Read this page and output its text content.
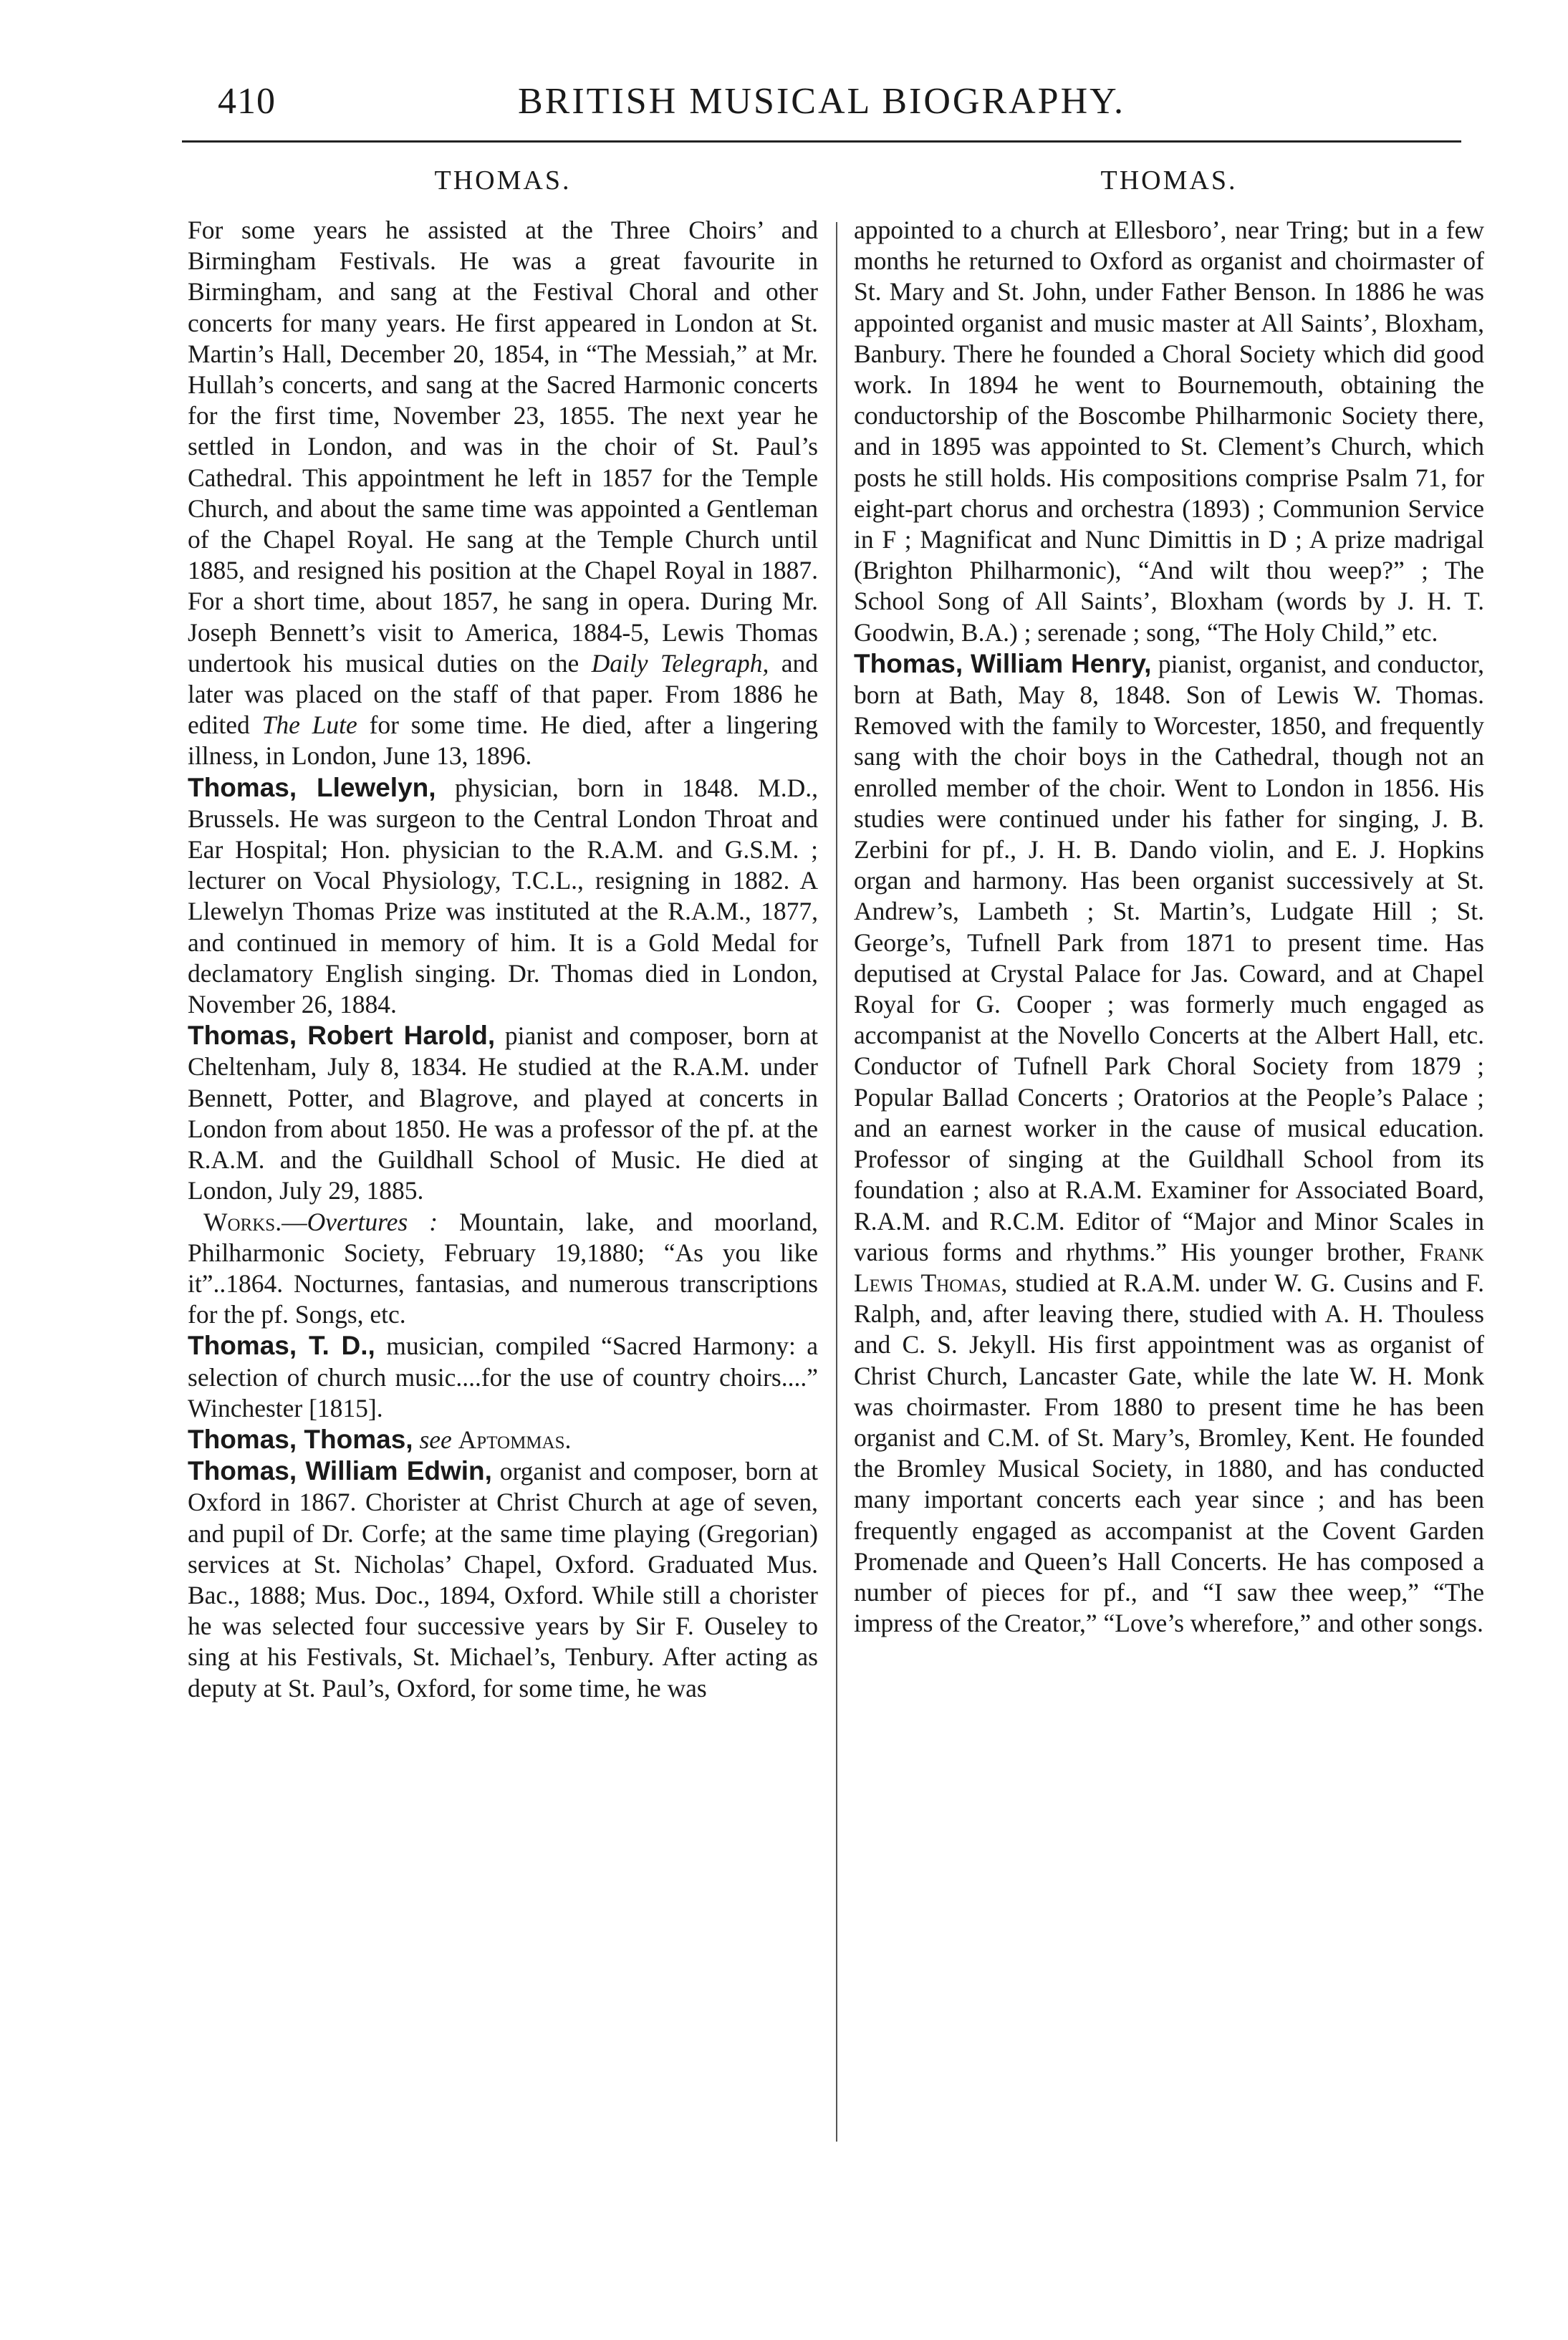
410	BRITISH MUSICAL BIOGRAPHY.
THOMAS.

For some years he assisted at the Three Choirs’ and Birmingham Festivals. He was a great favourite in Birmingham, and sang at the Festival Choral and other concerts for many years. He first appeared in London at St. Martin’s Hall, December 20, 1854, in “The Messiah,” at Mr. Hullah’s concerts, and sang at the Sacred Harmonic concerts for the first time, November 23, 1855. The next year he settled in London, and was in the choir of St. Paul’s Cathedral. This appointment he left in 1857 for the Temple Church, and about the same time was appointed a Gentleman of the Chapel Royal. He sang at the Temple Church until 1885, and resigned his position at the Chapel Royal in 1887. For a short time, about 1857, he sang in opera. During Mr. Joseph Bennett’s visit to America, 1884-5, Lewis Thomas undertook his musical duties on the Daily Telegraph, and later was placed on the staff of that paper. From 1886 he edited The Lute for some time. He died, after a lingering illness, in London, June 13, 1896.

Thomas, Llewelyn, physician, born in 1848. M.D., Brussels. He was surgeon to the Central London Throat and Ear Hospital; Hon. physician to the R.A.M. and G.S.M. ; lecturer on Vocal Physiology, T.C.L., resigning in 1882. A Llewelyn Thomas Prize was instituted at the R.A.M., 1877, and continued in memory of him. It is a Gold Medal for declamatory English singing. Dr. Thomas died in London, November 26, 1884.

Thomas, Robert Harold, pianist and composer, born at Cheltenham, July 8, 1834. He studied at the R.A.M. under Bennett, Potter, and Blagrove, and played at concerts in London from about 1850. He was a professor of the pf. at the R.A.M. and the Guildhall School of Music. He died at London, July 29, 1885.

Works.—Overtures : Mountain, lake, and moorland, Philharmonic Society, February 19,1880; “As you like it”..1864. Nocturnes, fantasias, and numerous transcriptions for the pf. Songs, etc.

Thomas, T. D., musician, compiled “Sacred Harmony: a selection of church music....for the use of country choirs....” Winchester [1815].

Thomas, Thomas, see Aptommas.

Thomas, William Edwin, organist and composer, born at Oxford in 1867. Chorister at Christ Church at age of seven, and pupil of Dr. Corfe; at the same time playing (Gregorian) services at St. Nicholas’ Chapel, Oxford. Graduated Mus. Bac., 1888; Mus. Doc., 1894, Oxford. While still a chorister he was selected four successive years by Sir F. Ouseley to sing at his Festivals, St. Michael’s, Tenbury. After acting as deputy at St. Paul’s, Oxford, for some time, he was

THOMAS.

appointed to a church at Ellesboro’, near Tring; but in a few months he returned to Oxford as organist and choirmaster of St. Mary and St. John, under Father Benson. In 1886 he was appointed organist and music master at All Saints’, Bloxham, Banbury. There he founded a Choral Society which did good work. In 1894 he went to Bournemouth, obtaining the conductorship of the Boscombe Philharmonic Society there, and in 1895 was appointed to St. Clement’s Church, which posts he still holds. His compositions comprise Psalm 71, for eight-part chorus and orchestra (1893) ; Communion Service in F ; Magnificat and Nunc Dimittis in D ; A prize madrigal (Brighton Philharmonic), “And wilt thou weep?” ; The School Song of All Saints’, Bloxham (words by J. H. T. Goodwin, B.A.) ; serenade ; song, “The Holy Child,” etc.

Thomas, William Henry, pianist, organist, and conductor, born at Bath, May 8, 1848. Son of Lewis W. Thomas. Removed with the family to Worcester, 1850, and frequently sang with the choir boys in the Cathedral, though not an enrolled member of the choir. Went to London in 1856. His studies were continued under his father for singing, J. B. Zerbini for pf., J. H. B. Dando violin, and E. J. Hopkins organ and harmony. Has been organist successively at St. Andrew’s, Lambeth ; St. Martin’s, Ludgate Hill ; St. George’s, Tufnell Park from 1871 to present time. Has deputised at Crystal Palace for Jas. Coward, and at Chapel Royal for G. Cooper ; was formerly much engaged as accompanist at the Novello Concerts at the Albert Hall, etc. Conductor of Tufnell Park Choral Society from 1879 ; Popular Ballad Concerts ; Oratorios at the People’s Palace ; and an earnest worker in the cause of musical education. Professor of singing at the Guildhall School from its foundation ; also at R.A.M. Examiner for Associated Board, R.A.M. and R.C.M. Editor of “Major and Minor Scales in various forms and rhythms.” His younger brother, Frank Lewis Thomas, studied at R.A.M. under W. G. Cusins and F. Ralph, and, after leaving there, studied with A. H. Thouless and C. S. Jekyll. His first appointment was as organist of Christ Church, Lancaster Gate, while the late W. H. Monk was choirmaster. From 1880 to present time he has been organist and C.M. of St. Mary’s, Bromley, Kent. He founded the Bromley Musical Society, in 1880, and has conducted many important concerts each year since ; and has been frequently engaged as accompanist at the Covent Garden Promenade and Queen’s Hall Concerts. He has composed a number of pieces for pf., and “I saw thee weep,” “The impress of the Creator,” “Love’s wherefore,” and other songs.
